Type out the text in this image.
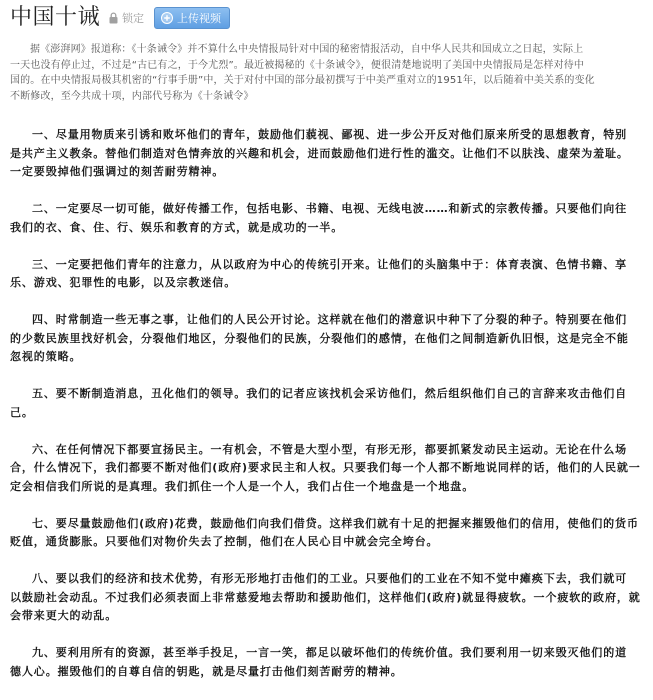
中国十诫 锁定	上传视频

据《澎湃网》报道称：《十条诫令》并不算什么中央情报局针对中国的秘密情报活动，自中华人民共和国成立之日起，实际上
一天也没有停止过，不过是“古已有之，于今尤烈”。最近被揭秘的《十条诫令》，便很清楚地说明了美国中央情报局是怎样对待中
国的。在中央情报局极其机密的“行事手册”中，关于对付中国的部分最初撰写于中美严重对立的1951年，以后随着中美关系的变化
不断修改，至今共成十项，内部代号称为《十条诫令》

一、尽量用物质来引诱和败坏他们的青年，鼓励他们藐视、鄙视、进一步公开反对他们原来所受的思想教育，特别
是共产主义教条。替他们制造对色情奔放的兴趣和机会，进而鼓励他们进行性的滥交。让他们不以肤浅、虚荣为羞耻。
一定要毁掉他们强调过的刻苦耐劳精神。

二、一定要尽一切可能，做好传播工作，包括电影、书籍、电视、无线电波……和新式的宗教传播。只要他们向往
我们的衣、食、住、行、娱乐和教育的方式，就是成功的一半。

三、一定要把他们青年的注意力，从以政府为中心的传统引开来。让他们的头脑集中于：体育表演、色情书籍、享
乐、游戏、犯罪性的电影，以及宗教迷信。

四、时常制造一些无事之事，让他们的人民公开讨论。这样就在他们的潜意识中种下了分裂的种子。特别要在他们
的少数民族里找好机会，分裂他们地区，分裂他们的民族，分裂他们的感情，在他们之间制造新仇旧恨，这是完全不能
忽视的策略。

五、要不断制造消息，丑化他们的领导。我们的记者应该找机会采访他们，然后组织他们自己的言辞来攻击他们自
己。

六、在任何情况下都要宣扬民主。一有机会，不管是大型小型，有形无形，都要抓紧发动民主运动。无论在什么场
合，什么情况下，我们都要不断对他们(政府)要求民主和人权。只要我们每一个人都不断地说同样的话，他们的人民就一
定会相信我们所说的是真理。我们抓住一个人是一个人，我们占住一个地盘是一个地盘。

七、要尽量鼓励他们(政府)花费，鼓励他们向我们借贷。这样我们就有十足的把握来摧毁他们的信用，使他们的货币
贬值，通货膨胀。只要他们对物价失去了控制，他们在人民心目中就会完全垮台。

八、要以我们的经济和技术优势，有形无形地打击他们的工业。只要他们的工业在不知不觉中瘫痪下去，我们就可
以鼓励社会动乱。不过我们必须表面上非常慈爱地去帮助和援助他们，这样他们(政府)就显得疲软。一个疲软的政府，就
会带来更大的动乱。

九、要利用所有的资源，甚至举手投足，一言一笑，都足以破坏他们的传统价值。我们要利用一切来毁灭他们的道
德人心。摧毁他们的自尊自信的钥匙，就是尽量打击他们刻苦耐劳的精神。
